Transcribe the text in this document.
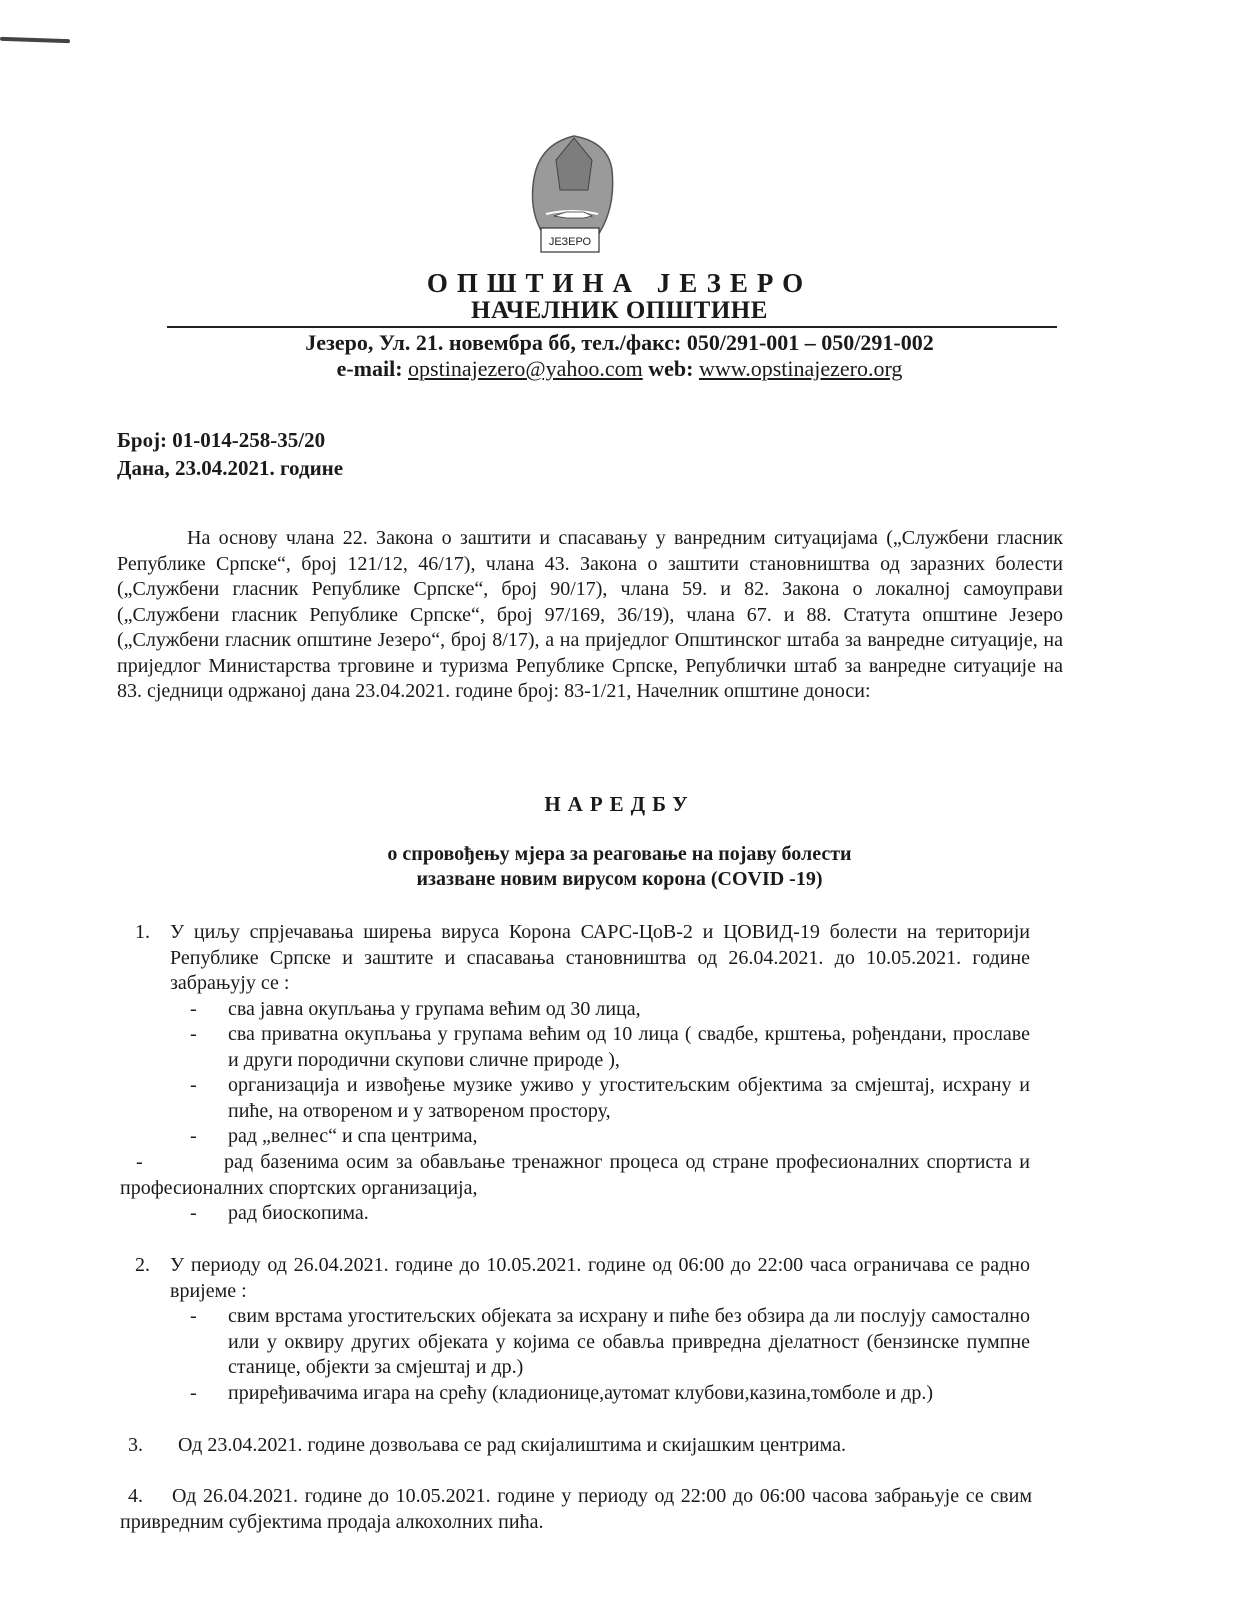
ЈЕЗЕРО
ОПШТИНА ЈЕЗЕРО
НАЧЕЛНИК ОПШТИНЕ
Језеро, Ул. 21. новембра бб, тел./факс: 050/291-001 – 050/291-002
e-mail: opstinajezero@yahoo.com web: www.opstinajezero.org
Број: 01-014-258-35/20
Дана, 23.04.2021. године
На основу члана 22. Закона о заштити и спасавању у ванредним ситуацијама („Службени гласник Републике Српске“, број 121/12, 46/17), члана 43. Закона о заштити становништва од заразних болести („Службени гласник Републике Српске“, број 90/17), члана 59. и 82. Закона о локалној самоуправи („Службени гласник Републике Српске“, број 97/169, 36/19), члана 67. и 88. Статута општине Језеро („Службени гласник општине Језеро“, број 8/17), а на приједлог Општинског штаба за ванредне ситуације, на приједлог Министарства трговине и туризма Републике Српске, Републички штаб за ванредне ситуације на 83. сједници одржаној дана 23.04.2021. године број: 83-1/21, Начелник општине доноси:
НАРЕДБУ
о спровођењу мјера за реаговање на појаву болести
изазване новим вирусом корона (COVID -19)
1. У циљу спрјечавања ширења вируса Корона САРС-ЦоВ-2 и ЦОВИД-19 болести на територији Републике Српске и заштите и спасавања становништва од 26.04.2021. до 10.05.2021. године забрањују се :
- сва јавна окупљања у групама већим од 30 лица,
- сва приватна окупљања у групама већим од 10 лица ( свадбе, крштења, рођендани, прославе и други породични скупови сличне природе ),
- организација и извођење музике уживо у угоститељским објектима за смјештај, исхрану и пиће, на отвореном и у затвореном простору,
- рад „велнес“ и спа центрима,
-	рад базенима осим за обављање тренажног процеса од стране професионалних спортиста и професионалних спортских организација,
- рад биоскопима.
2. У периоду од 26.04.2021. године до 10.05.2021. године од 06:00 до 22:00 часа ограничава се радно вријеме :
- свим врстама угоститељских објеката за исхрану и пиће без обзира да ли послују самостално или у оквиру других објеката у којима се обавља привредна дјелатност (бензинске пумпне станице, објекти за смјештај и др.)
- приређивачима игара на срећу (кладионице,аутомат клубови,казина,томболе и др.)
3. Од 23.04.2021. године дозвољава се рад скијалиштима и скијашким центрима.
4.	Од 26.04.2021. године до 10.05.2021. године у периоду од 22:00 до 06:00 часова забрањује се свим привредним субјектима продаја алкохолних пића.
